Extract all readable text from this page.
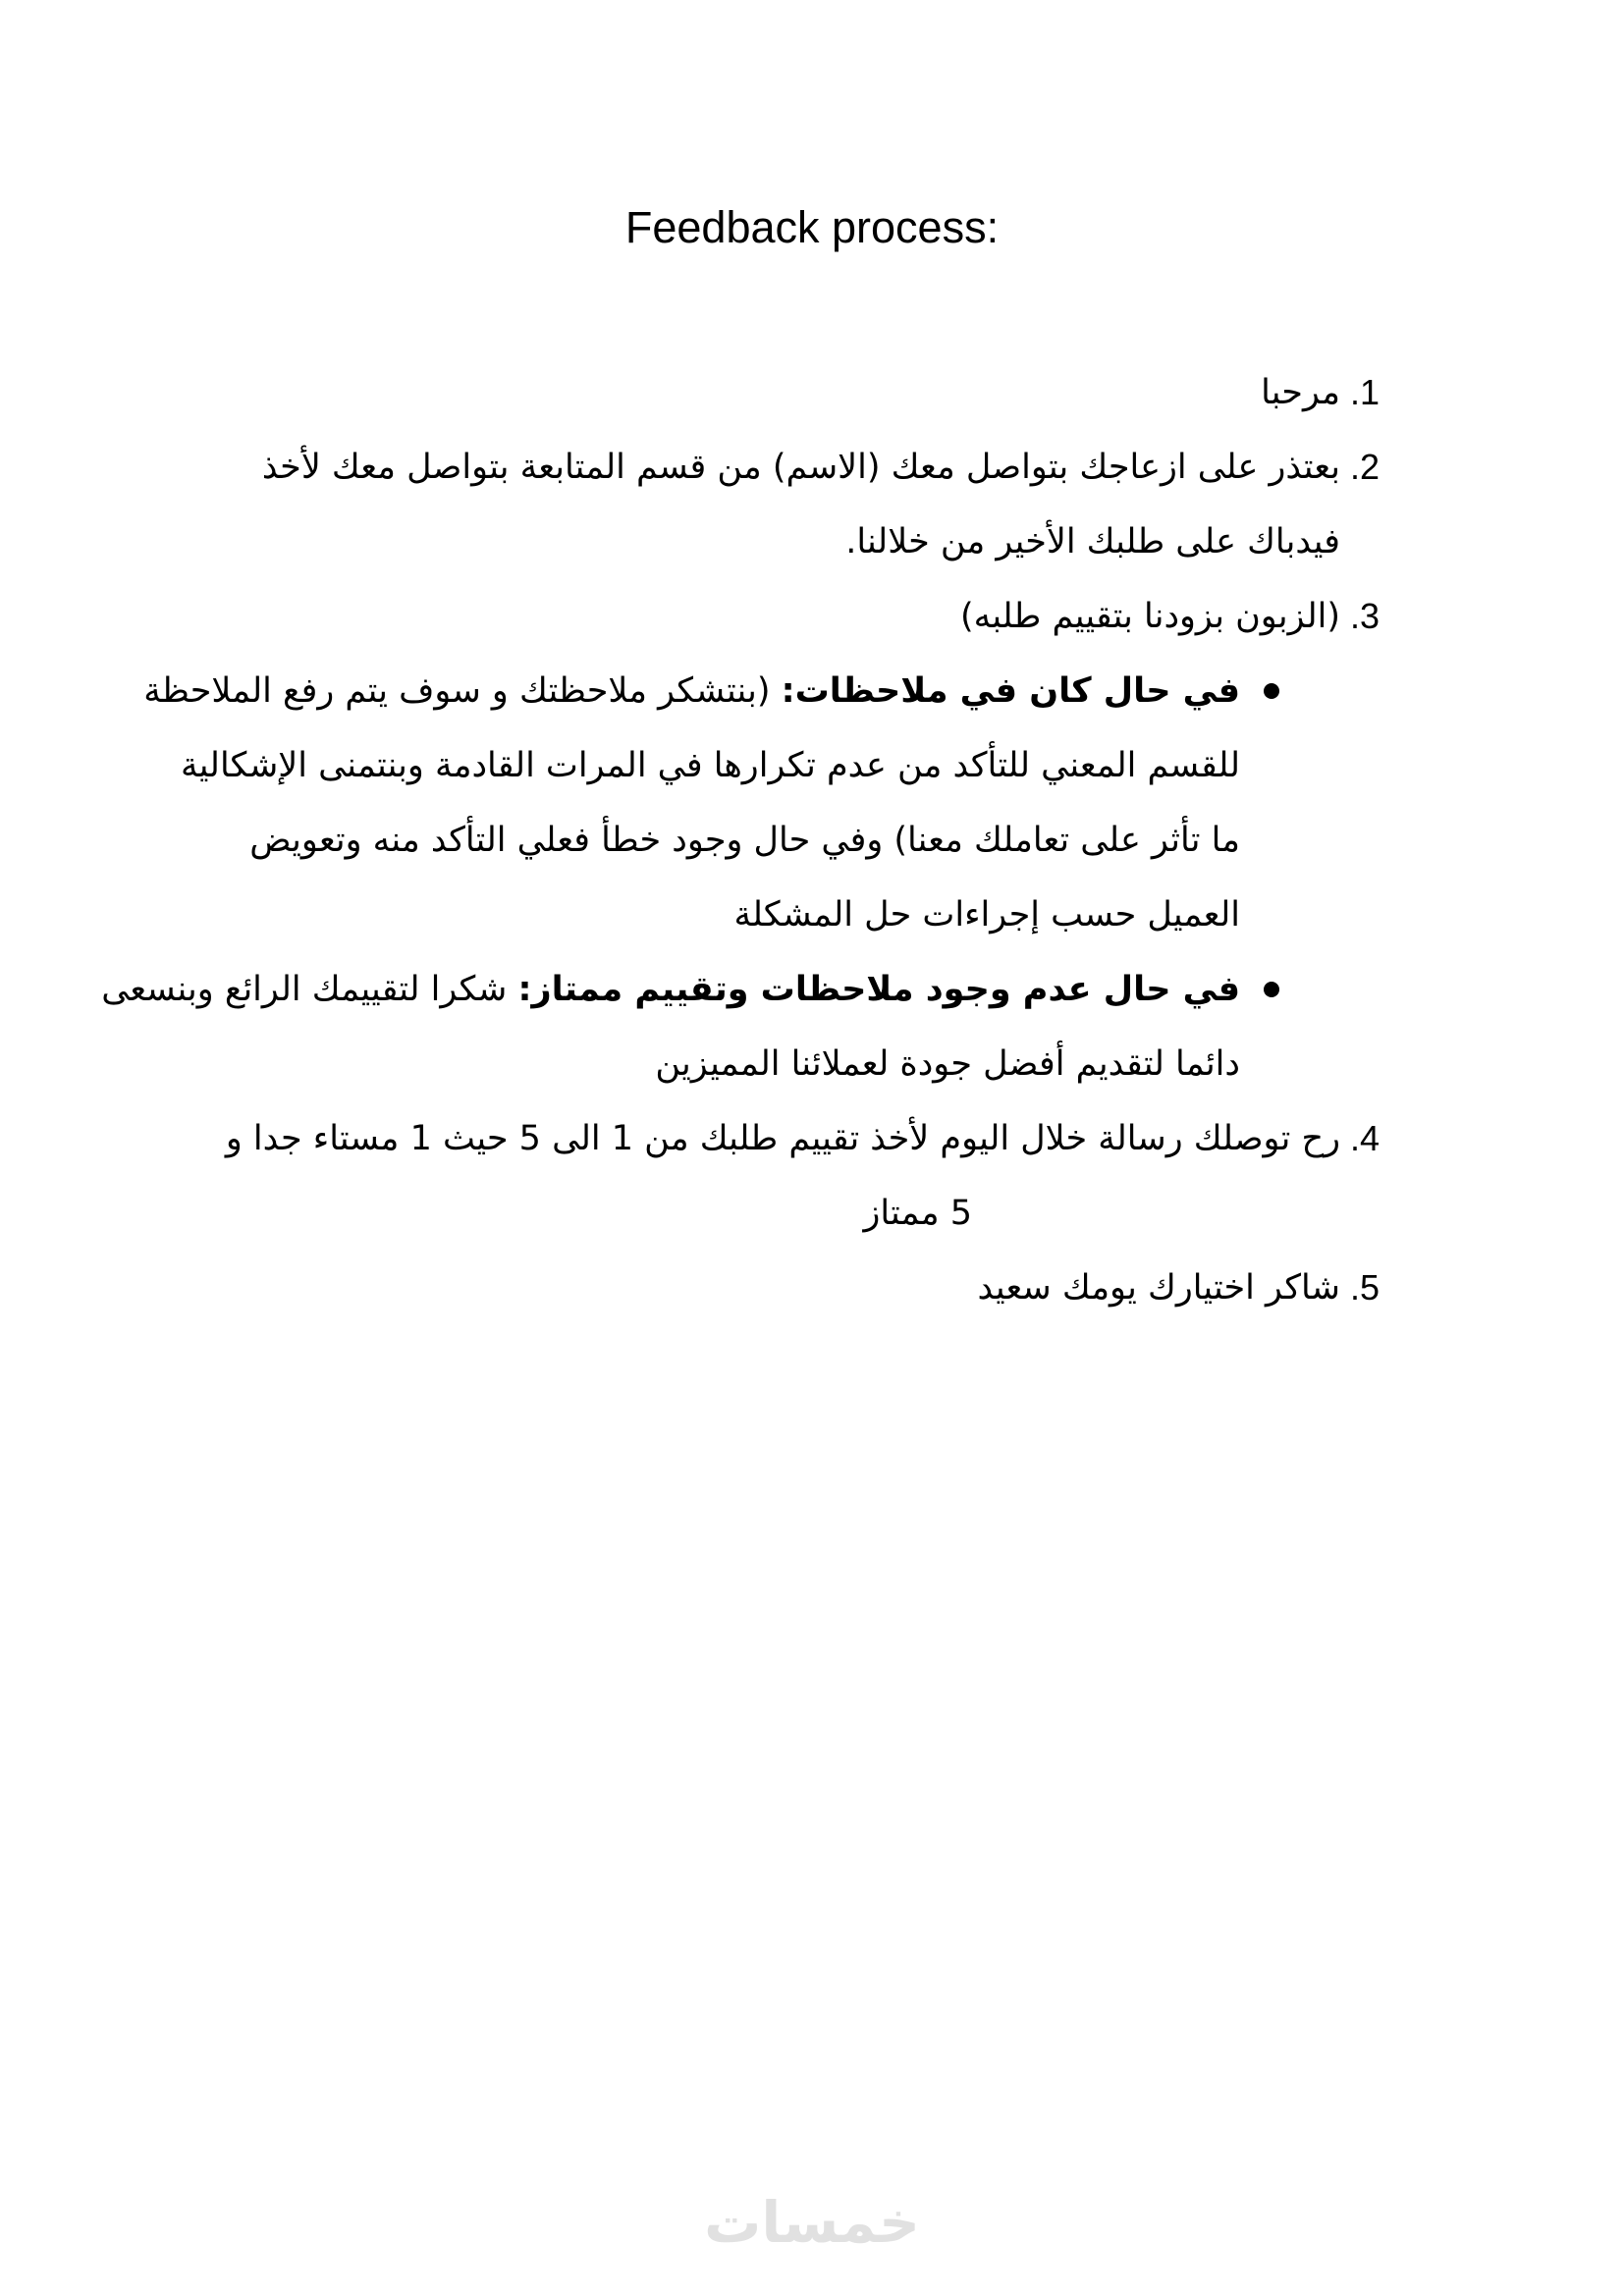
Feedback process:
1.
مرحبا
2.
بعتذر على ازعاجك بتواصل معك (الاسم) من قسم المتابعة بتواصل معك لأخذ
فيدباك على طلبك الأخير من خلالنا.
3.
(الزبون بزودنا بتقييم طلبه)
في حال كان في ملاحظات: (بنتشكر ملاحظتك و سوف يتم رفع الملاحظة
للقسم المعني للتأكد من عدم تكرارها في المرات القادمة وبنتمنى الإشكالية
ما تأثر على تعاملك معنا) وفي حال وجود خطأ فعلي التأكد منه وتعويض
العميل حسب إجراءات حل المشكلة
في حال عدم وجود ملاحظات وتقييم ممتاز: شكرا لتقييمك الرائع وبنسعى
دائما لتقديم أفضل جودة لعملائنا المميزين
4.
رح توصلك رسالة خلال اليوم لأخذ تقييم طلبك من 1 الى 5 حيث 1 مستاء جدا و
5 ممتاز
5.
شاكر اختيارك يومك سعيد
خمسات
